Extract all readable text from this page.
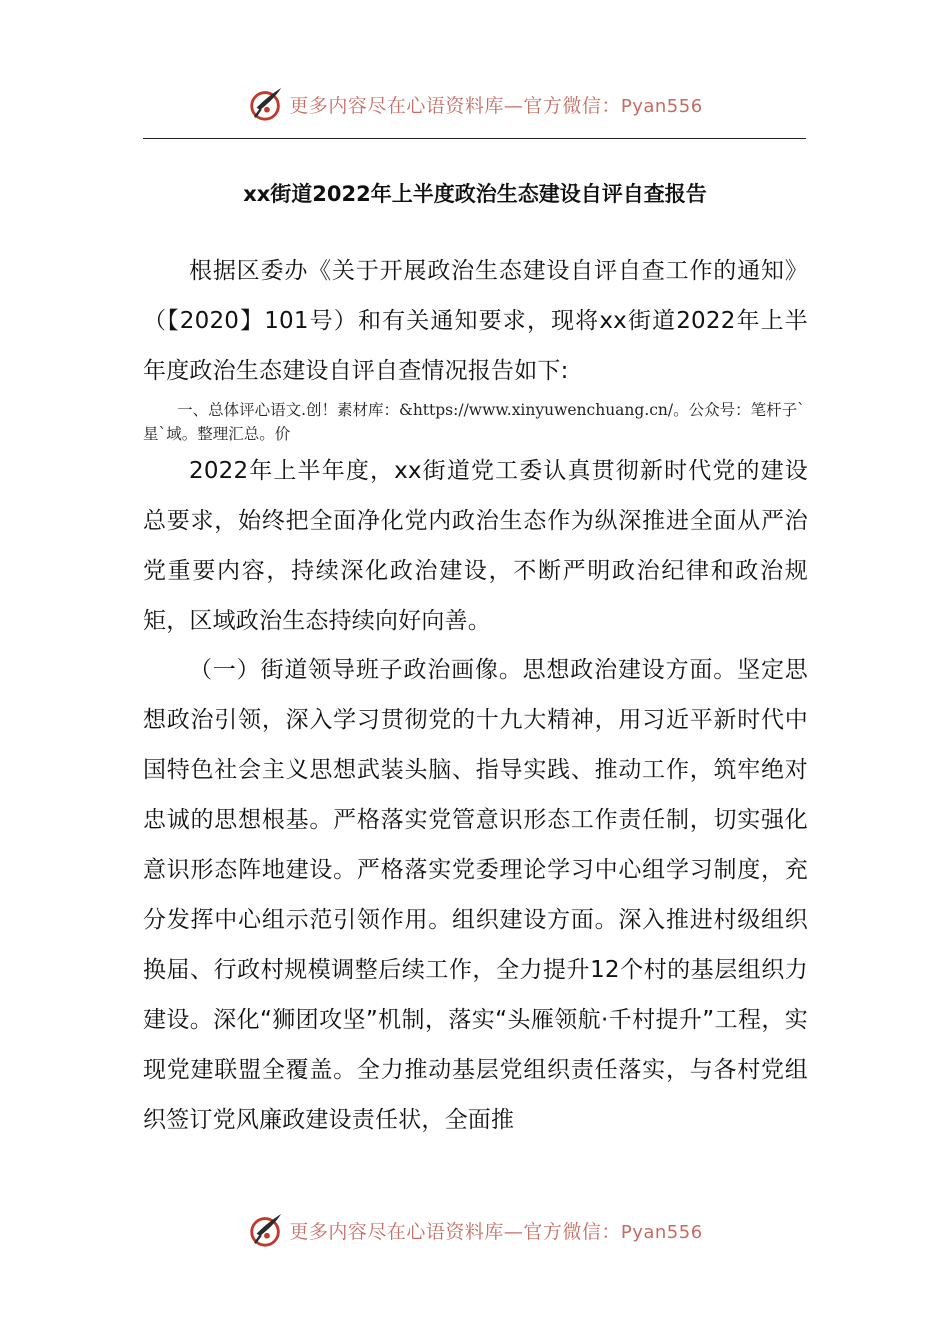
更多内容尽在心语资料库—官方微信：Pyan556
xx街道2022年上半度政治生态建设自评自查报告

根据区委办《关于开展政治生态建设自评自查工作的通知》（【2020】101号）和有关通知要求，现将xx街道2022年上半年度政治生态建设自评自查情况报告如下:

一、总体评心语文.创！素材库：&https://www.xinyuwenchuang.cn/。公众号：笔杆子`星`域。整理汇总。价

2022年上半年度，xx街道党工委认真贯彻新时代党的建设总要求，始终把全面净化党内政治生态作为纵深推进全面从严治党重要内容，持续深化政治建设，不断严明政治纪律和政治规矩，区域政治生态持续向好向善。

（一）街道领导班子政治画像。思想政治建设方面。坚定思想政治引领，深入学习贯彻党的十九大精神，用习近平新时代中国特色社会主义思想武装头脑、指导实践、推动工作，筑牢绝对忠诚的思想根基。严格落实党管意识形态工作责任制，切实强化意识形态阵地建设。严格落实党委理论学习中心组学习制度，充分发挥中心组示范引领作用。组织建设方面。深入推进村级组织换届、行政村规模调整后续工作，全力提升12个村的基层组织力建设。深化“狮团攻坚”机制，落实“头雁领航·千村提升”工程，实现党建联盟全覆盖。全力推动基层党组织责任落实，与各村党组织签订党风廉政建设责任状，全面推

更多内容尽在心语资料库—官方微信：Pyan556
